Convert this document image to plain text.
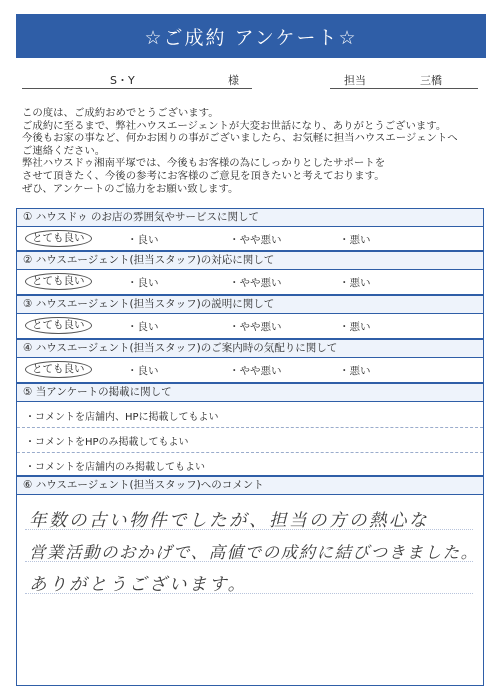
☆ご成約 アンケート☆
S・Y	様	担当	三橋
この度は、ご成約おめでとうございます。
ご成約に至るまで、弊社ハウスエージェントが大変お世話になり、ありがとうございます。
今後もお家の事など、何かお困りの事がございましたら、お気軽に担当ハウスエージェントへ
ご連絡ください。
弊社ハウスドゥ湘南平塚では、今後もお客様の為にしっかりとしたサポートを
させて頂きたく、今後の参考にお客様のご意見を頂きたいと考えております。
ぜひ、アンケートのご協力をお願い致します。
① ハウスドゥ のお店の雰囲気やサービスに関して
とても良い	・良い	・やや悪い	・悪い
② ハウスエージェント(担当スタッフ)の対応に関して
とても良い	・良い	・やや悪い	・悪い
③ ハウスエージェント(担当スタッフ)の説明に関して
とても良い	・良い	・やや悪い	・悪い
④ ハウスエージェント(担当スタッフ)のご案内時の気配りに関して
とても良い	・良い	・やや悪い	・悪い
⑤ 当アンケートの掲載に関して
・コメントを店舗内、HPに掲載してもよい
・コメントをHPのみ掲載してもよい
・コメントを店舗内のみ掲載してもよい
⑥ ハウスエージェント(担当スタッフ)へのコメント
年数の古い物件でしたが、担当の方の熱心な
営業活動のおかげで、高値での成約に結びつきました。
ありがとうございます。
